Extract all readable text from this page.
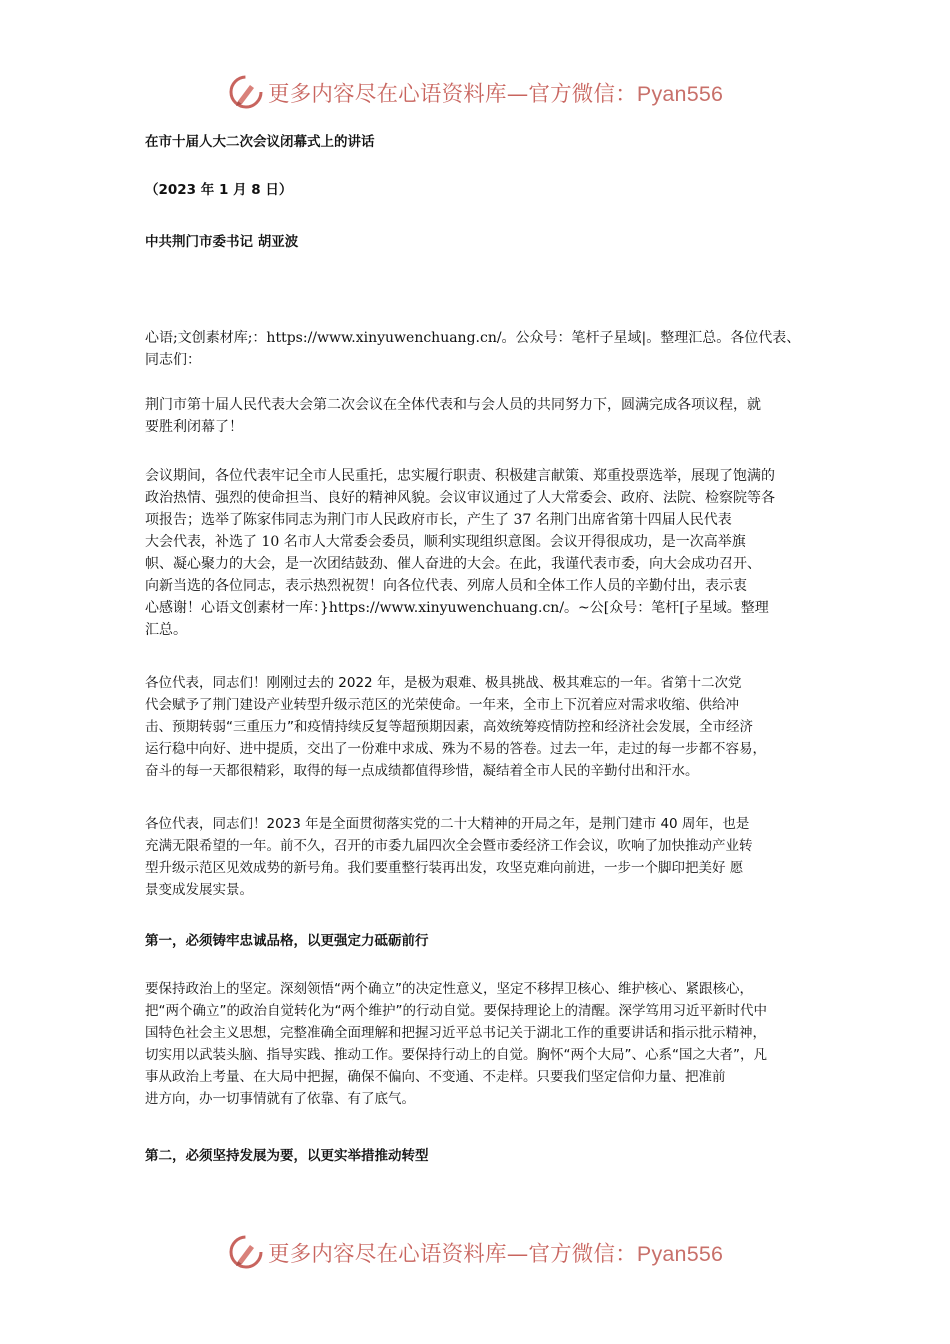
更多内容尽在心语资料库—官方微信：Pyan556
在市十届人大二次会议闭幕式上的讲话
（2023 年 1 月 8 日）
中共荆门市委书记 胡亚波
心语;文创素材库;：https://www.xinyuwenchuang.cn/。公众号：笔杆子星域|。整理汇总。各位代表、
同志们：
荆门市第十届人民代表大会第二次会议在全体代表和与会人员的共同努力下，圆满完成各项议程，就
要胜利闭幕了！
会议期间，各位代表牢记全市人民重托，忠实履行职责、积极建言献策、郑重投票选举，展现了饱满的
政治热情、强烈的使命担当、良好的精神风貌。会议审议通过了人大常委会、政府、法院、检察院等各
项报告；选举了陈家伟同志为荆门市人民政府市长，产生了 37 名荆门出席省第十四届人民代表
大会代表，补选了 10 名市人大常委会委员，顺利实现组织意图。会议开得很成功，是一次高举旗
帜、凝心聚力的大会，是一次团结鼓劲、催人奋进的大会。在此，我谨代表市委，向大会成功召开、
向新当选的各位同志，表示热烈祝贺！向各位代表、列席人员和全体工作人员的辛勤付出，表示衷
心感谢！心语文创素材一库：}https://www.xinyuwenchuang.cn/。~公[众号：笔杆[子星域。整理
汇总。
各位代表，同志们！刚刚过去的 2022 年，是极为艰难、极具挑战、极其难忘的一年。省第十二次党
代会赋予了荆门建设产业转型升级示范区的光荣使命。一年来，全市上下沉着应对需求收缩、供给冲
击、预期转弱“三重压力”和疫情持续反复等超预期因素，高效统筹疫情防控和经济社会发展，全市经济
运行稳中向好、进中提质，交出了一份难中求成、殊为不易的答卷。过去一年，走过的每一步都不容易，
奋斗的每一天都很精彩，取得的每一点成绩都值得珍惜，凝结着全市人民的辛勤付出和汗水。
各位代表，同志们！2023 年是全面贯彻落实党的二十大精神的开局之年，是荆门建市 40 周年，也是
充满无限希望的一年。前不久，召开的市委九届四次全会暨市委经济工作会议，吹响了加快推动产业转
型升级示范区见效成势的新号角。我们要重整行装再出发，攻坚克难向前进，一步一个脚印把美好 愿
景变成发展实景。
第一，必须铸牢忠诚品格，以更强定力砥砺前行
要保持政治上的坚定。深刻领悟“两个确立”的决定性意义，坚定不移捍卫核心、维护核心、紧跟核心，
把“两个确立”的政治自觉转化为“两个维护”的行动自觉。要保持理论上的清醒。深学笃用习近平新时代中
国特色社会主义思想，完整准确全面理解和把握习近平总书记关于湖北工作的重要讲话和指示批示精神，
切实用以武装头脑、指导实践、推动工作。要保持行动上的自觉。胸怀“两个大局”、心系“国之大者”，凡
事从政治上考量、在大局中把握，确保不偏向、不变通、不走样。只要我们坚定信仰力量、把准前
进方向，办一切事情就有了依靠、有了底气。
第二，必须坚持发展为要，以更实举措推动转型
更多内容尽在心语资料库—官方微信：Pyan556
